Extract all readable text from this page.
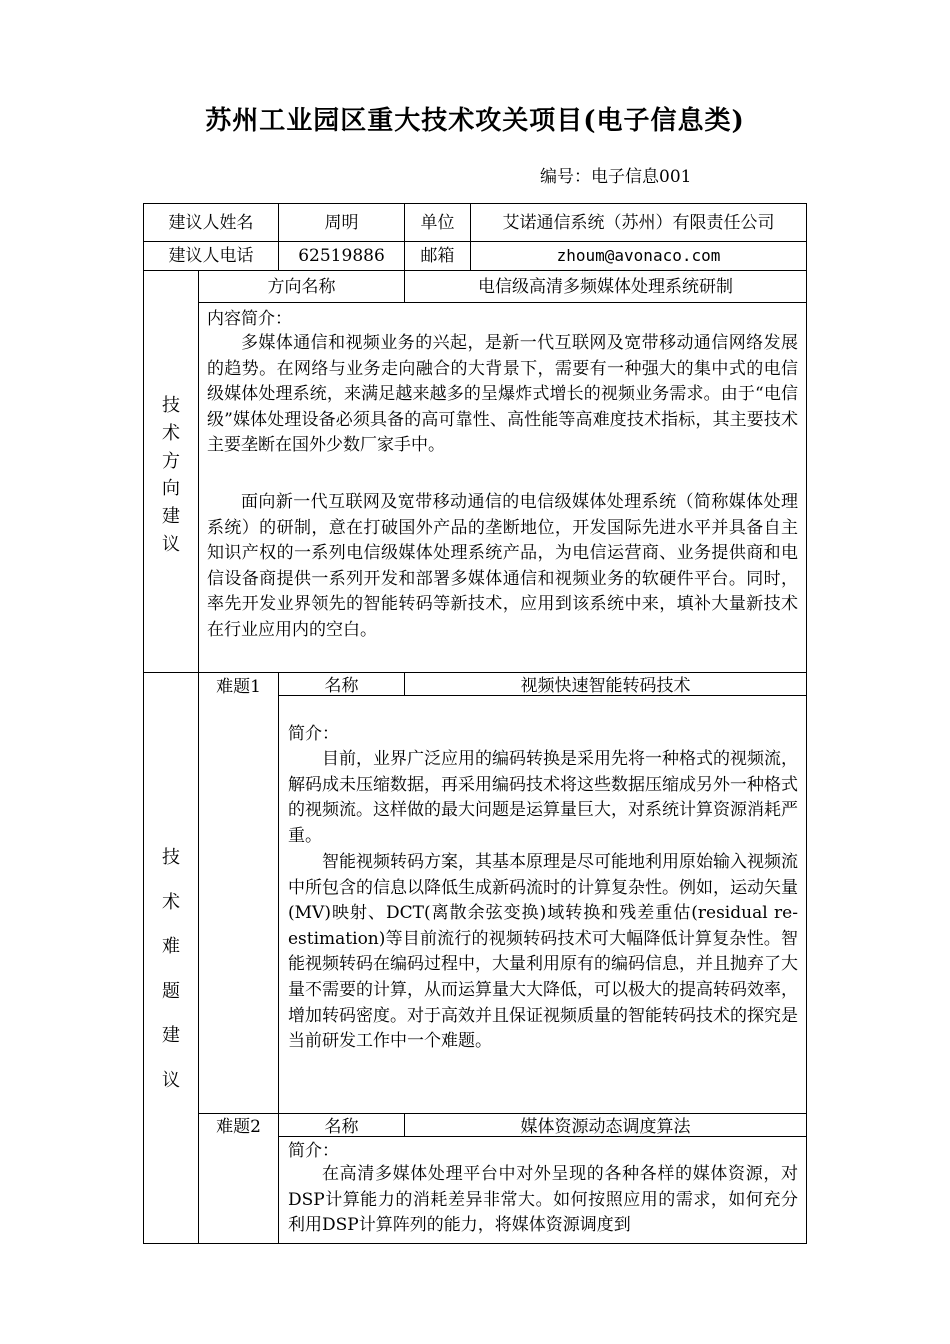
苏州工业园区重大技术攻关项目(电子信息类)
编号：电子信息001
建议人姓名	周明	单位	艾诺通信系统（苏州）有限责任公司
建议人电话	62519886	邮箱	zhoum@avonaco.com
技
术
方
向
建
议
方向名称	电信级高清多频媒体处理系统研制
内容简介：
多媒体通信和视频业务的兴起，是新一代互联网及宽带移动通信网络发展的趋势。在网络与业务走向融合的大背景下，需要有一种强大的集中式的电信级媒体处理系统，来满足越来越多的呈爆炸式增长的视频业务需求。由于“电信级”媒体处理设备必须具备的高可靠性、高性能等高难度技术指标，其主要技术主要垄断在国外少数厂家手中。
面向新一代互联网及宽带移动通信的电信级媒体处理系统（简称媒体处理系统）的研制，意在打破国外产品的垄断地位，开发国际先进水平并具备自主知识产权的一系列电信级媒体处理系统产品，为电信运营商、业务提供商和电信设备商提供一系列开发和部署多媒体通信和视频业务的软硬件平台。同时，率先开发业界领先的智能转码等新技术，应用到该系统中来，填补大量新技术在行业应用内的空白。
技
术
难
题
建
议
难题1	名称	视频快速智能转码技术
简介：
目前，业界广泛应用的编码转换是采用先将一种格式的视频流，解码成未压缩数据，再采用编码技术将这些数据压缩成另外一种格式的视频流。这样做的最大问题是运算量巨大，对系统计算资源消耗严重。
智能视频转码方案，其基本原理是尽可能地利用原始输入视频流中所包含的信息以降低生成新码流时的计算复杂性。例如，运动矢量(MV)映射、DCT(离散余弦变换)域转换和残差重估(residual re-estimation)等目前流行的视频转码技术可大幅降低计算复杂性。智能视频转码在编码过程中，大量利用原有的编码信息，并且抛弃了大量不需要的计算，从而运算量大大降低，可以极大的提高转码效率，增加转码密度。对于高效并且保证视频质量的智能转码技术的探究是当前研发工作中一个难题。
难题2	名称	媒体资源动态调度算法
简介：
在高清多媒体处理平台中对外呈现的各种各样的媒体资源，对DSP计算能力的消耗差异非常大。如何按照应用的需求，如何充分利用DSP计算阵列的能力，将媒体资源调度到
